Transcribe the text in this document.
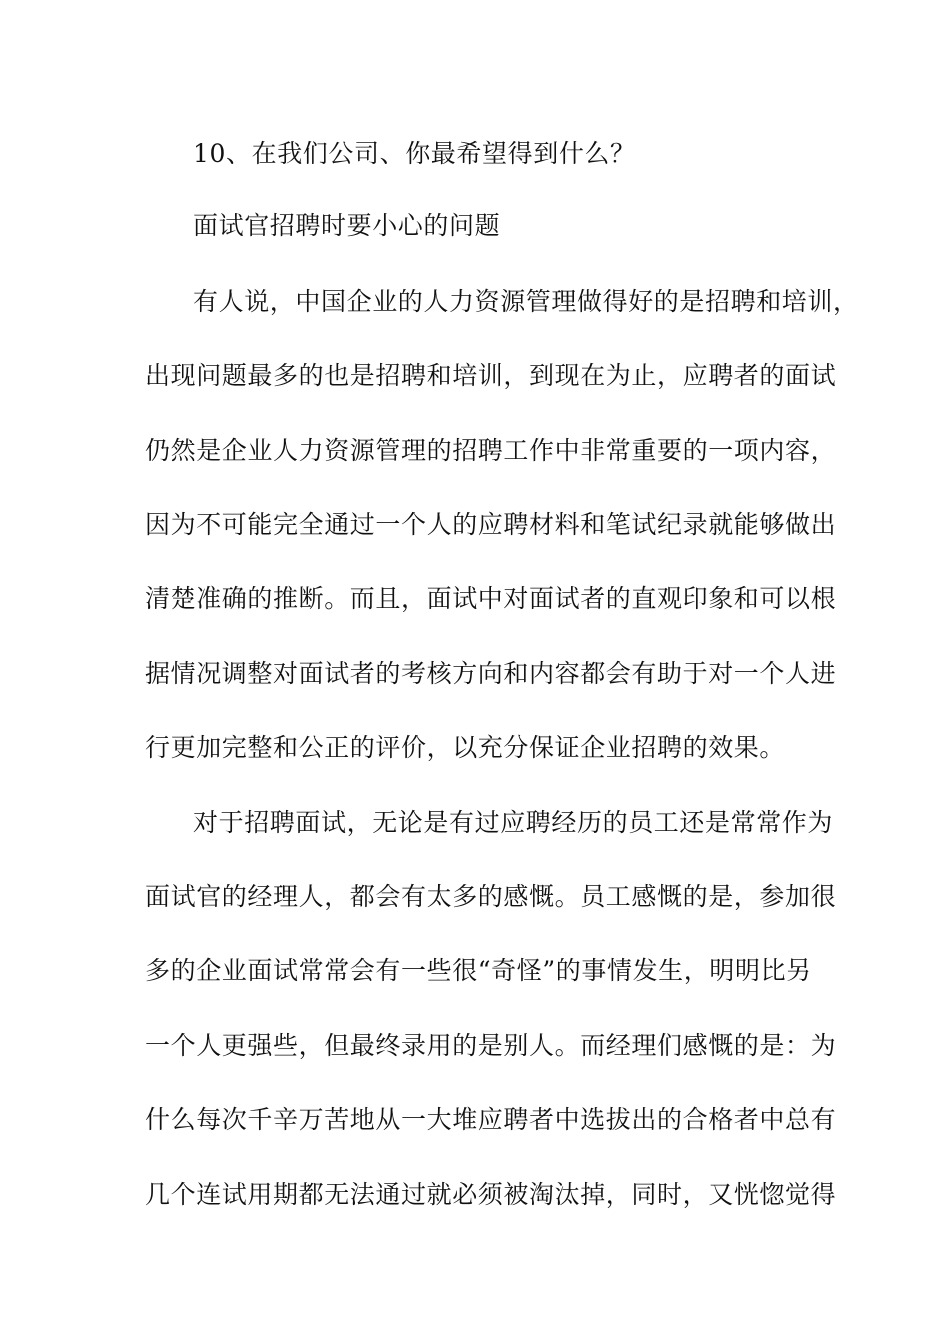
10、在我们公司、你最希望得到什么？
面试官招聘时要小心的问题
有人说，中国企业的人力资源管理做得好的是招聘和培训，
出现问题最多的也是招聘和培训，到现在为止，应聘者的面试
仍然是企业人力资源管理的招聘工作中非常重要的一项内容，
因为不可能完全通过一个人的应聘材料和笔试纪录就能够做出
清楚准确的推断。而且，面试中对面试者的直观印象和可以根
据情况调整对面试者的考核方向和内容都会有助于对一个人进
行更加完整和公正的评价，以充分保证企业招聘的效果。
对于招聘面试，无论是有过应聘经历的员工还是常常作为
面试官的经理人，都会有太多的感慨。员工感慨的是，参加很
多的企业面试常常会有一些很“奇怪”的事情发生，明明比另
一个人更强些，但最终录用的是别人。而经理们感慨的是：为
什么每次千辛万苦地从一大堆应聘者中选拔出的合格者中总有
几个连试用期都无法通过就必须被淘汰掉，同时，又恍惚觉得
